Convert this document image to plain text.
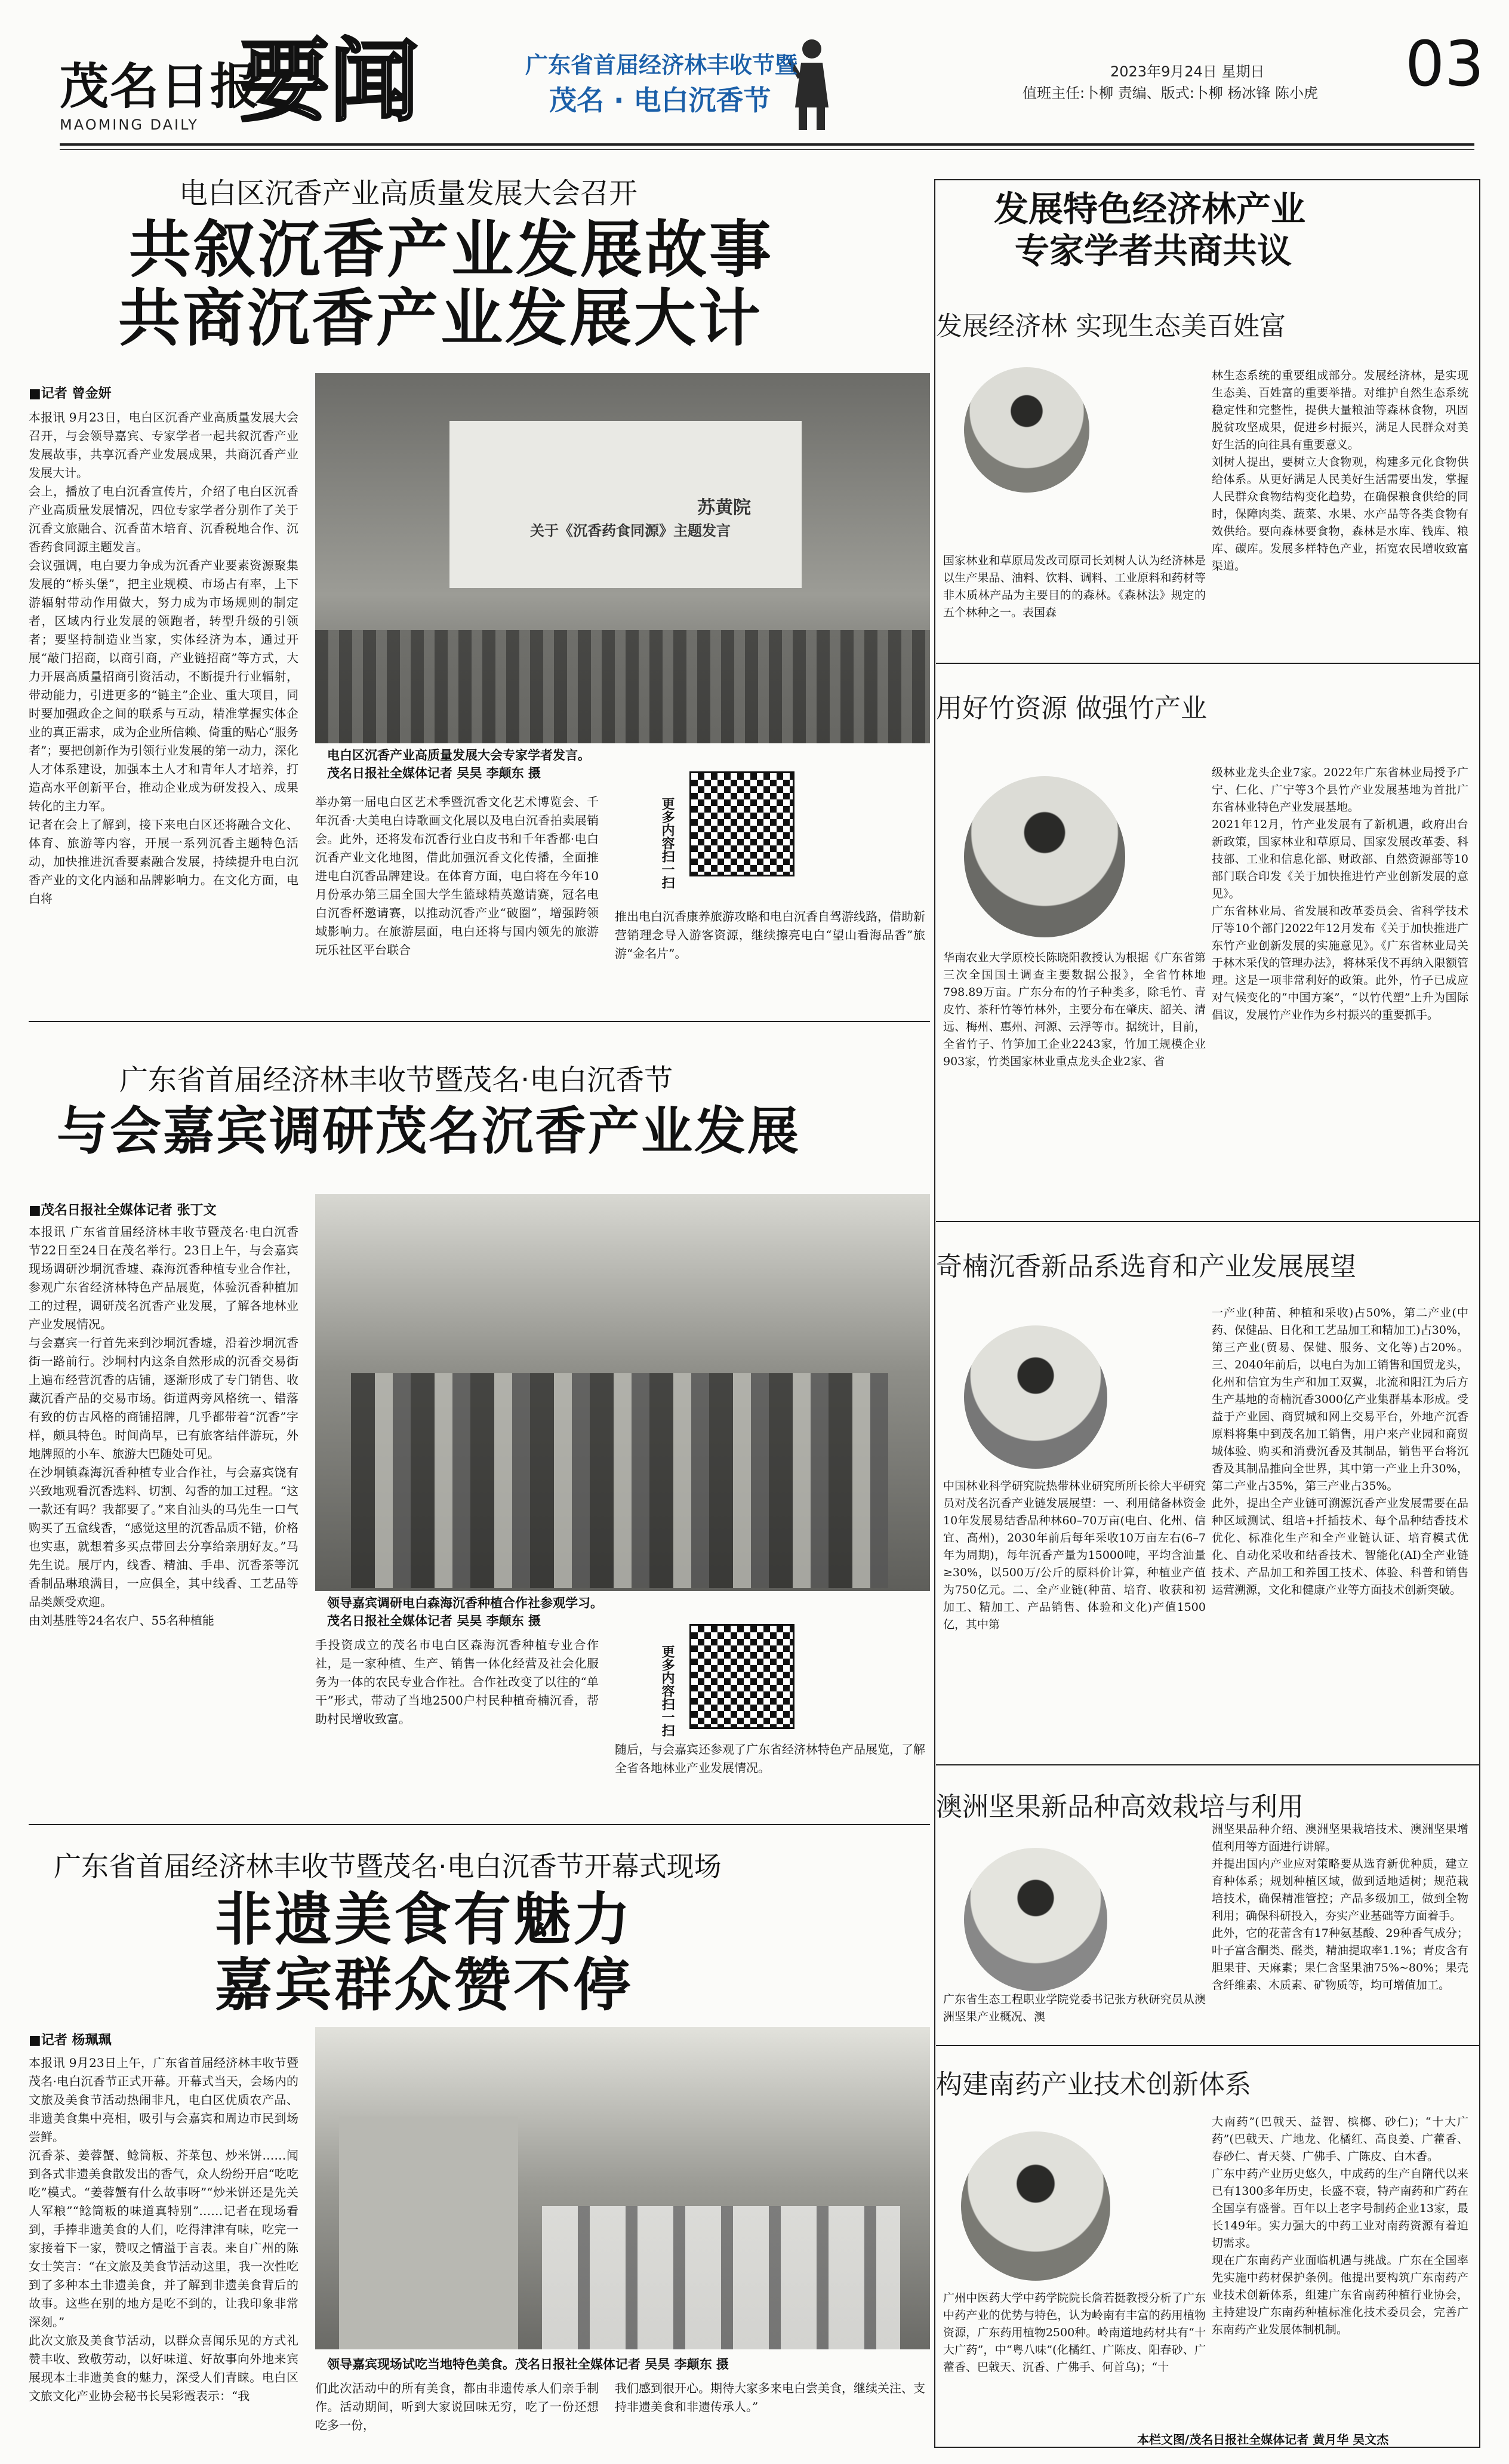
茂名日报
MAOMING DAILY 要闻	广东省首届经济林丰收节暨
茂名 · 电白沉香节
2023年9月24日 星期日
值班主任:卜柳 责编、版式:卜柳 杨冰锋 陈小虎 03
电白区沉香产业高质量发展大会召开
共叙沉香产业发展故事
共商沉香产业发展大计
■记者 曾金妍
本报讯 9月23日，电白区沉香产业高质量发展大会召开，与会领导嘉宾、专家学者一起共叙沉香产业发展故事，共享沉香产业发展成果，共商沉香产业发展大计。
会上，播放了电白沉香宣传片，介绍了电白区沉香产业高质量发展情况，四位专家学者分别作了关于沉香文旅融合、沉香苗木培育、沉香税地合作、沉香药食同源主题发言。
会议强调，电白要力争成为沉香产业要素资源聚集发展的“桥头堡”，把主业规模、市场占有率，上下游辐射带动作用做大，努力成为市场规则的制定者，区域内行业发展的领跑者，转型升级的引领者；要坚持制造业当家，实体经济为本，通过开展“敲门招商，以商引商，产业链招商”等方式，大力开展高质量招商引资活动，不断提升行业辐射，带动能力，引进更多的“链主”企业、重大项目，同时要加强政企之间的联系与互动，精准掌握实体企业的真正需求，成为企业所信赖、倚重的贴心“服务者”；要把创新作为引领行业发展的第一动力，深化人才体系建设，加强本土人才和青年人才培养，打造高水平创新平台，推动企业成为研发投入、成果转化的主力军。
记者在会上了解到，接下来电白区还将融合文化、体育、旅游等内容，开展一系列沉香主题特色活动，加快推进沉香要素融合发展，持续提升电白沉香产业的文化内涵和品牌影响力。在文化方面，电白将
苏黄院
关于《沉香药食同源》主题发言
电白区沉香产业高质量发展大会专家学者发言。
茂名日报社全媒体记者 吴昊 李颠东 摄
举办第一届电白区艺术季暨沉香文化艺术博览会、千年沉香·大美电白诗歌画文化展以及电白沉香拍卖展销会。此外，还将发布沉香行业白皮书和千年香都·电白沉香产业文化地图，借此加强沉香文化传播，全面推进电白沉香品牌建设。在体育方面，电白将在今年10月份承办第三届全国大学生篮球精英邀请赛，冠名电白沉香杯邀请赛，以推动沉香产业“破圈”，增强跨领域影响力。在旅游层面，电白还将与国内领先的旅游玩乐社区平台联合
更多内容扫一扫
推出电白沉香康养旅游攻略和电白沉香自驾游线路，借助新营销理念导入游客资源，继续擦亮电白“望山看海品香”旅游“金名片”。
广东省首届经济林丰收节暨茂名·电白沉香节
与会嘉宾调研茂名沉香产业发展
■茂名日报社全媒体记者 张丁文
本报讯 广东省首届经济林丰收节暨茂名·电白沉香节22日至24日在茂名举行。23日上午，与会嘉宾现场调研沙垌沉香墟、森海沉香种植专业合作社，参观广东省经济林特色产品展览，体验沉香种植加工的过程，调研茂名沉香产业发展，了解各地林业产业发展情况。
与会嘉宾一行首先来到沙垌沉香墟，沿着沙垌沉香街一路前行。沙垌村内这条自然形成的沉香交易街上遍布经营沉香的店铺，逐渐形成了专门销售、收藏沉香产品的交易市场。街道两旁风格统一、错落有致的仿古风格的商铺招牌，几乎都带着“沉香”字样，颇具特色。时间尚早，已有旅客结伴游玩，外地牌照的小车、旅游大巴随处可见。
在沙垌镇森海沉香种植专业合作社，与会嘉宾饶有兴致地观看沉香选料、切割、勾香的加工过程。“这一款还有吗？我都要了。”来自汕头的马先生一口气购买了五盒线香，“感觉这里的沉香品质不错，价格也实惠，就想着多买点带回去分享给亲朋好友。”马先生说。展厅内，线香、精油、手串、沉香茶等沉香制品琳琅满目，一应俱全，其中线香、工艺品等品类颇受欢迎。
由刘基胜等24名农户、55名种植能
领导嘉宾调研电白森海沉香种植合作社参观学习。
茂名日报社全媒体记者 吴昊 李颠东 摄
手投资成立的茂名市电白区森海沉香种植专业合作社，是一家种植、生产、销售一体化经营及社会化服务为一体的农民专业合作社。合作社改变了以往的“单干”形式，带动了当地2500户村民种植奇楠沉香，帮助村民增收致富。	更多内容扫一扫
随后，与会嘉宾还参观了广东省经济林特色产品展览，了解全省各地林业产业发展情况。
广东省首届经济林丰收节暨茂名·电白沉香节开幕式现场
非遗美食有魅力
嘉宾群众赞不停
■记者 杨珮珮
本报讯 9月23日上午，广东省首届经济林丰收节暨茂名·电白沉香节正式开幕。开幕式当天，会场内的文旅及美食节活动热闹非凡，电白区优质农产品、非遗美食集中亮相，吸引与会嘉宾和周边市民到场尝鲜。
沉香茶、姜蓉蟹、鲶筒粄、芥菜包、炒米饼……闻到各式非遗美食散发出的香气，众人纷纷开启“吃吃吃”模式。“姜蓉蟹有什么故事呀”“炒米饼还是先关人军粮”“鲶筒粄的味道真特别”……记者在现场看到，手捧非遗美食的人们，吃得津津有味，吃完一家接着下一家，赞叹之情溢于言表。来自广州的陈女士笑言：“在文旅及美食节活动这里，我一次性吃到了多种本土非遗美食，并了解到非遗美食背后的故事。这些在别的地方是吃不到的，让我印象非常深刻。”
此次文旅及美食节活动，以群众喜闻乐见的方式礼赞丰收、致敬劳动，以好味道、好故事向外地来宾展现本土非遗美食的魅力，深受人们青睐。电白区文旅文化产业协会秘书长吴彩霞表示：“我
领导嘉宾现场试吃当地特色美食。茂名日报社全媒体记者 吴昊 李颠东 摄
们此次活动中的所有美食，都由非遗传承人们亲手制作。活动期间，听到大家说回味无穷，吃了一份还想吃多一份，
我们感到很开心。期待大家多来电白尝美食，继续关注、支持非遗美食和非遗传承人。”
发展特色经济林产业
专家学者共商共议
发展经济林 实现生态美百姓富
国家林业和草原局发改司原司长刘树人认为经济林是以生产果品、油料、饮料、调料、工业原料和药材等非木质林产品为主要目的的森林。《森林法》规定的五个林种之一。表国森
林生态系统的重要组成部分。发展经济林，是实现生态美、百姓富的重要举措。对维护自然生态系统稳定性和完整性，提供大量粮油等森林食物，巩固脱贫攻坚成果，促进乡村振兴，满足人民群众对美好生活的向往具有重要意义。
刘树人提出，要树立大食物观，构建多元化食物供给体系。从更好满足人民美好生活需要出发，掌握人民群众食物结构变化趋势，在确保粮食供给的同时，保障肉类、蔬菜、水果、水产品等各类食物有效供给。要向森林要食物，森林是水库、钱库、粮库、碳库。发展多样特色产业，拓宽农民增收致富渠道。
用好竹资源 做强竹产业
华南农业大学原校长陈晓阳教授认为根据《广东省第三次全国国土调查主要数据公报》，全省竹林地798.89万亩。广东分布的竹子种类多，除毛竹、青皮竹、茶秆竹等竹林外，主要分布在肇庆、韶关、清远、梅州、惠州、河源、云浮等市。据统计，目前，全省竹子、竹笋加工企业2243家，竹加工规模企业903家，竹类国家林业重点龙头企业2家、省
级林业龙头企业7家。2022年广东省林业局授予广宁、仁化、广宁等3个县竹产业发展基地为首批广东省林业特色产业发展基地。
2021年12月，竹产业发展有了新机遇，政府出台新政策，国家林业和草原局、国家发展改革委、科技部、工业和信息化部、财政部、自然资源部等10部门联合印发《关于加快推进竹产业创新发展的意见》。
广东省林业局、省发展和改革委员会、省科学技术厅等10个部门2022年12月发布《关于加快推进广东竹产业创新发展的实施意见》。《广东省林业局关于林木采伐的管理办法》，将林采伐不再纳入限额管理。这是一项非常利好的政策。此外，竹子已成应对气候变化的“中国方案”，“以竹代塑”上升为国际倡议，发展竹产业作为乡村振兴的重要抓手。
奇楠沉香新品系选育和产业发展展望
中国林业科学研究院热带林业研究所所长徐大平研究员对茂名沉香产业链发展展望：一、利用储备林资金10年发展易结香品种林60–70万亩(电白、化州、信宜、高州)，2030年前后每年采收10万亩左右(6–7年为周期)，每年沉香产量为15000吨，平均含油量≥30%，以500万/公斤的原料价计算，种植业产值为750亿元。二、全产业链(种苗、培育、收获和初加工、精加工、产品销售、体验和文化)产值1500亿，其中第
一产业(种苗、种植和采收)占50%，第二产业(中药、保健品、日化和工艺品加工和精加工)占30%，第三产业(贸易、保健、服务、文化等)占20%。三、2040年前后，以电白为加工销售和国贸龙头，化州和信宜为生产和加工双翼，北流和阳江为后方生产基地的奇楠沉香3000亿产业集群基本形成。受益于产业园、商贸城和网上交易平台，外地产沉香原料将集中到茂名加工销售，用户来产业园和商贸城体验、购买和消费沉香及其制品，销售平台将沉香及其制品推向全世界，其中第一产业上升30%，第二产业占35%，第三产业占35%。
此外，提出全产业链可溯源沉香产业发展需要在品种区域测试、组培+扦插技术、每个品种结香技术优化、标准化生产和全产业链认证、培育模式优化、自动化采收和结香技术、智能化(AI)全产业链技术、产品加工和养国工技术、体验、科普和销售运营溯源，文化和健康产业等方面技术创新突破。
澳洲坚果新品种高效栽培与利用
广东省生态工程职业学院党委书记张方秋研究员从澳洲坚果产业概况、澳
洲坚果品种介绍、澳洲坚果栽培技术、澳洲坚果增值利用等方面进行讲解。
并提出国内产业应对策略要从选育新优种质，建立育种体系；规划种植区域，做到适地适树；规范栽培技术，确保精准管控；产品多级加工，做到全物利用；确保科研投入，夯实产业基础等方面着手。
此外，它的花蕾含有17种氨基酸、29种香气成分；叶子富含酮类、醛类，精油提取率1.1%；青皮含有胆果苷、天麻素；果仁含坚果油75%~80%；果壳含纤维素、木质素、矿物质等，均可增值加工。
构建南药产业技术创新体系
广州中医药大学中药学院院长詹若挺教授分析了广东中药产业的优势与特色，认为岭南有丰富的药用植物资源，广东药用植物2500种。岭南道地药材共有“十大广药”，中“粤八味”(化橘红、广陈皮、阳春砂、广藿香、巴戟天、沉香、广佛手、何首乌)；“十
大南药”(巴戟天、益智、槟榔、砂仁)；“十大广药”(巴戟天、广地龙、化橘红、高良姜、广藿香、春砂仁、青天葵、广佛手、广陈皮、白木香。
广东中药产业历史悠久，中成药的生产自隋代以来已有1300多年历史，长盛不衰，特产南药和广药在全国享有盛誉。百年以上老字号制药企业13家，最长149年。实力强大的中药工业对南药资源有着迫切需求。
现在广东南药产业面临机遇与挑战。广东在全国率先实施中药材保护条例。他提出要构筑广东南药产业技术创新体系，组建广东省南药种植行业协会，主持建设广东南药种植标准化技术委员会，完善广东南药产业发展体制机制。
本栏文图/茂名日报社全媒体记者 黄月华 吴文杰
